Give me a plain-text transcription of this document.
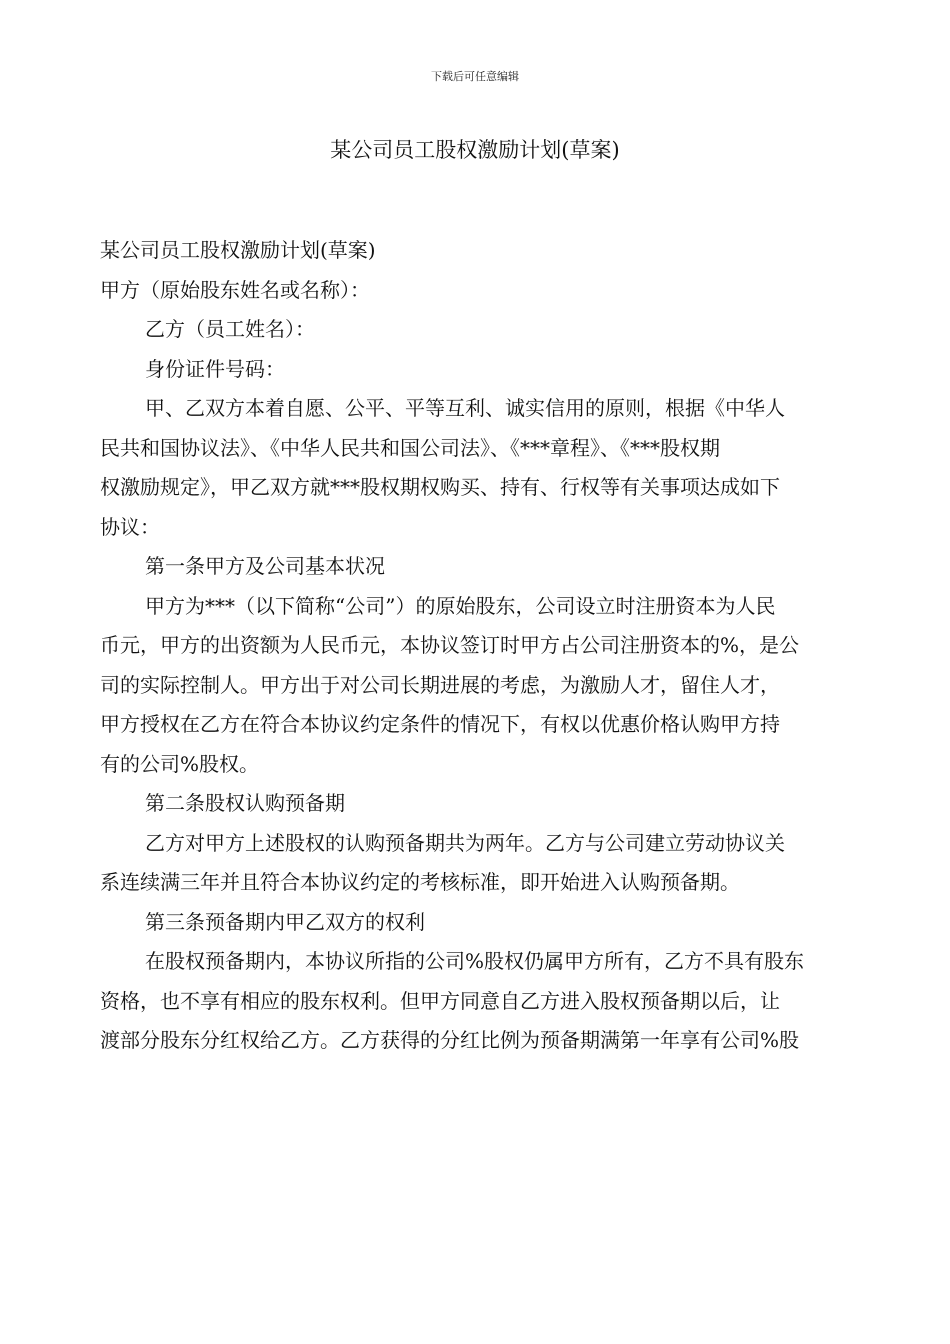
下载后可任意编辑
某公司员工股权激励计划(草案)

某公司员工股权激励计划(草案)

甲方（原始股东姓名或名称）：

乙方（员工姓名）：

身份证件号码：

甲、乙双方本着自愿、公平、平等互利、诚实信用的原则，根据《中华人

民共和国协议法》、《中华人民共和国公司法》、《***章程》、《***股权期

权激励规定》，甲乙双方就***股权期权购买、持有、行权等有关事项达成如下

协议：

第一条甲方及公司基本状况

甲方为***（以下简称“公司”）的原始股东，公司设立时注册资本为人民

币元，甲方的出资额为人民币元，本协议签订时甲方占公司注册资本的%，是公

司的实际控制人。甲方出于对公司长期进展的考虑，为激励人才，留住人才，

甲方授权在乙方在符合本协议约定条件的情况下，有权以优惠价格认购甲方持

有的公司%股权。

第二条股权认购预备期

乙方对甲方上述股权的认购预备期共为两年。乙方与公司建立劳动协议关

系连续满三年并且符合本协议约定的考核标准，即开始进入认购预备期。

第三条预备期内甲乙双方的权利

在股权预备期内，本协议所指的公司%股权仍属甲方所有，乙方不具有股东

资格，也不享有相应的股东权利。但甲方同意自乙方进入股权预备期以后，让

渡部分股东分红权给乙方。乙方获得的分红比例为预备期满第一年享有公司%股
